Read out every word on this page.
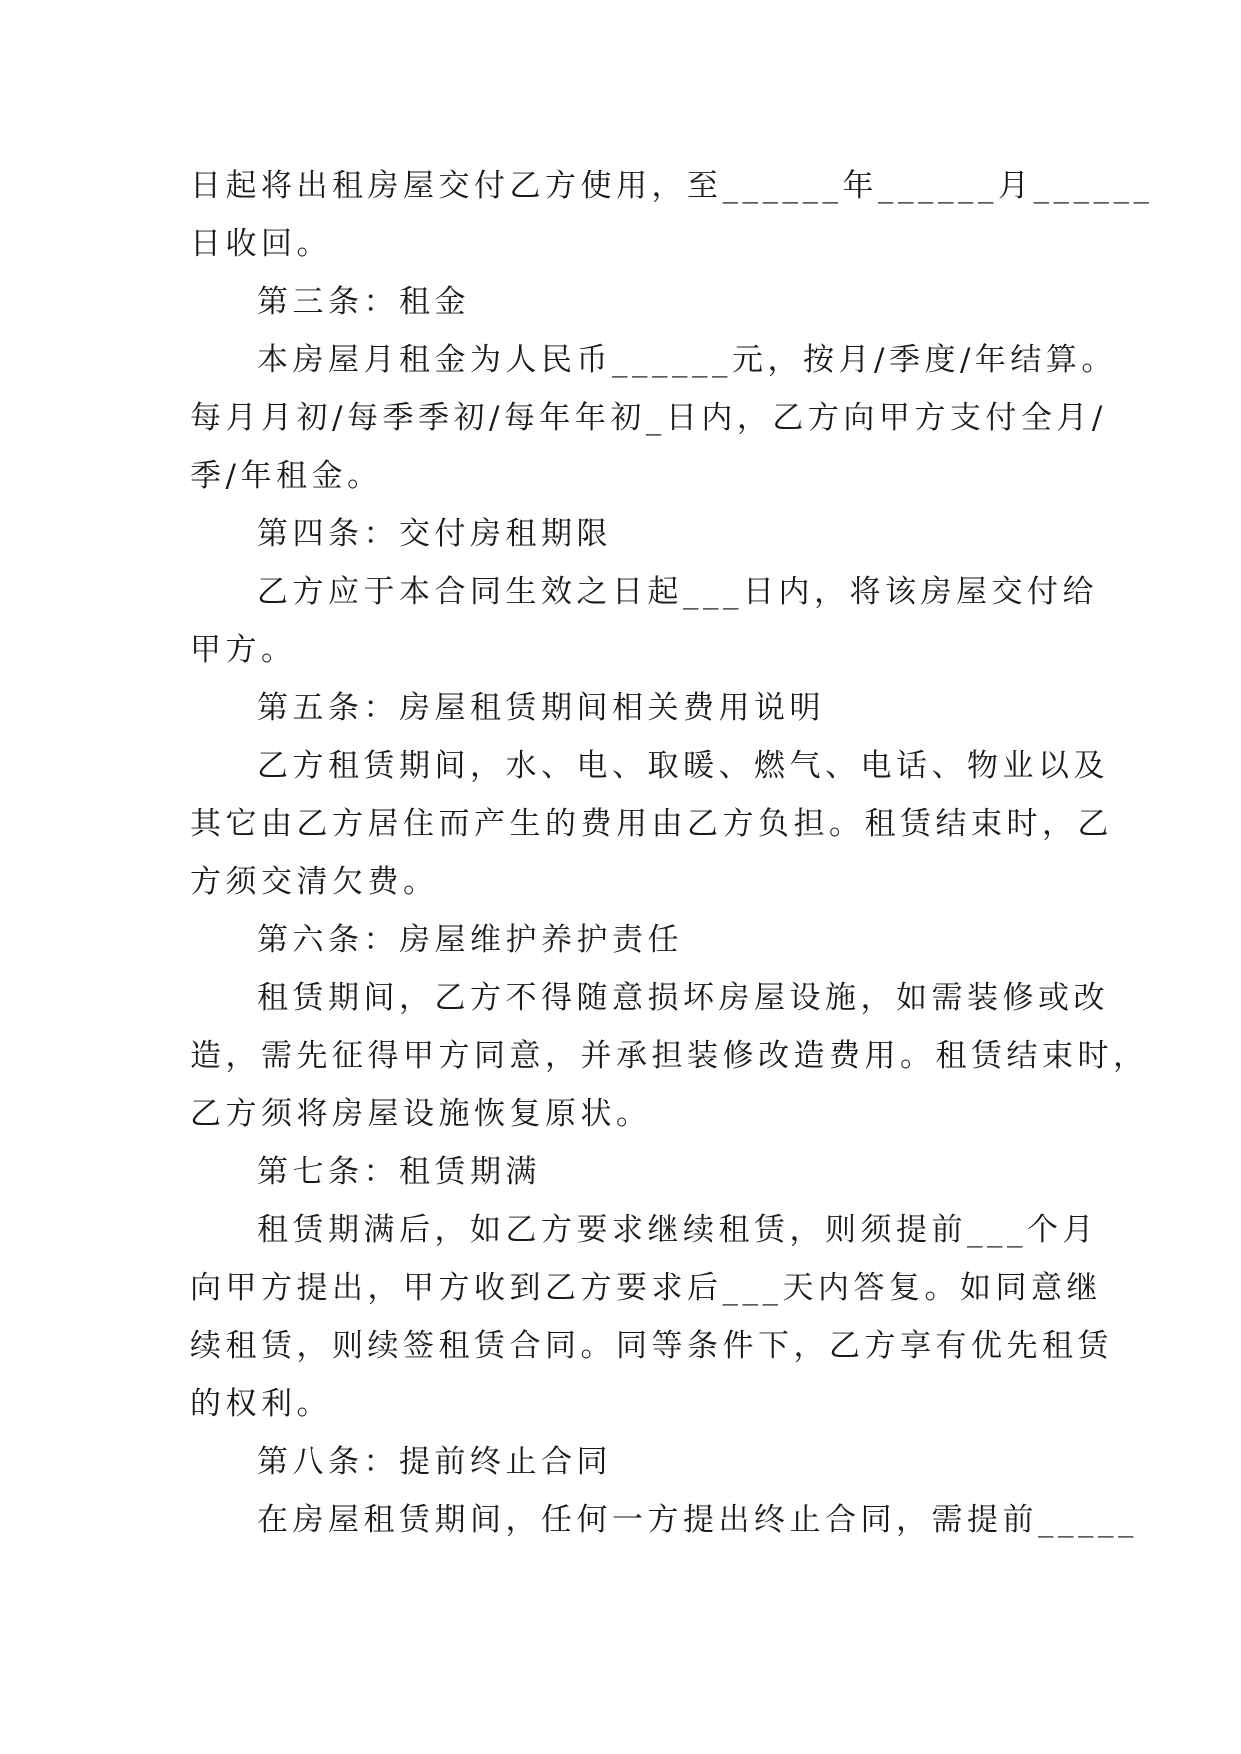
日起将出租房屋交付乙方使用，至______年______月______
日收回。
第三条：租金
本房屋月租金为人民币______元，按月/季度/年结算。
每月月初/每季季初/每年年初_日内，乙方向甲方支付全月/
季/年租金。
第四条：交付房租期限
乙方应于本合同生效之日起___日内，将该房屋交付给
甲方。
第五条：房屋租赁期间相关费用说明
乙方租赁期间，水、电、取暖、燃气、电话、物业以及
其它由乙方居住而产生的费用由乙方负担。租赁结束时，乙
方须交清欠费。
第六条：房屋维护养护责任
租赁期间，乙方不得随意损坏房屋设施，如需装修或改
造，需先征得甲方同意，并承担装修改造费用。租赁结束时，
乙方须将房屋设施恢复原状。
第七条：租赁期满
租赁期满后，如乙方要求继续租赁，则须提前___个月
向甲方提出，甲方收到乙方要求后___天内答复。如同意继
续租赁，则续签租赁合同。同等条件下，乙方享有优先租赁
的权利。
第八条：提前终止合同
在房屋租赁期间，任何一方提出终止合同，需提前_____
